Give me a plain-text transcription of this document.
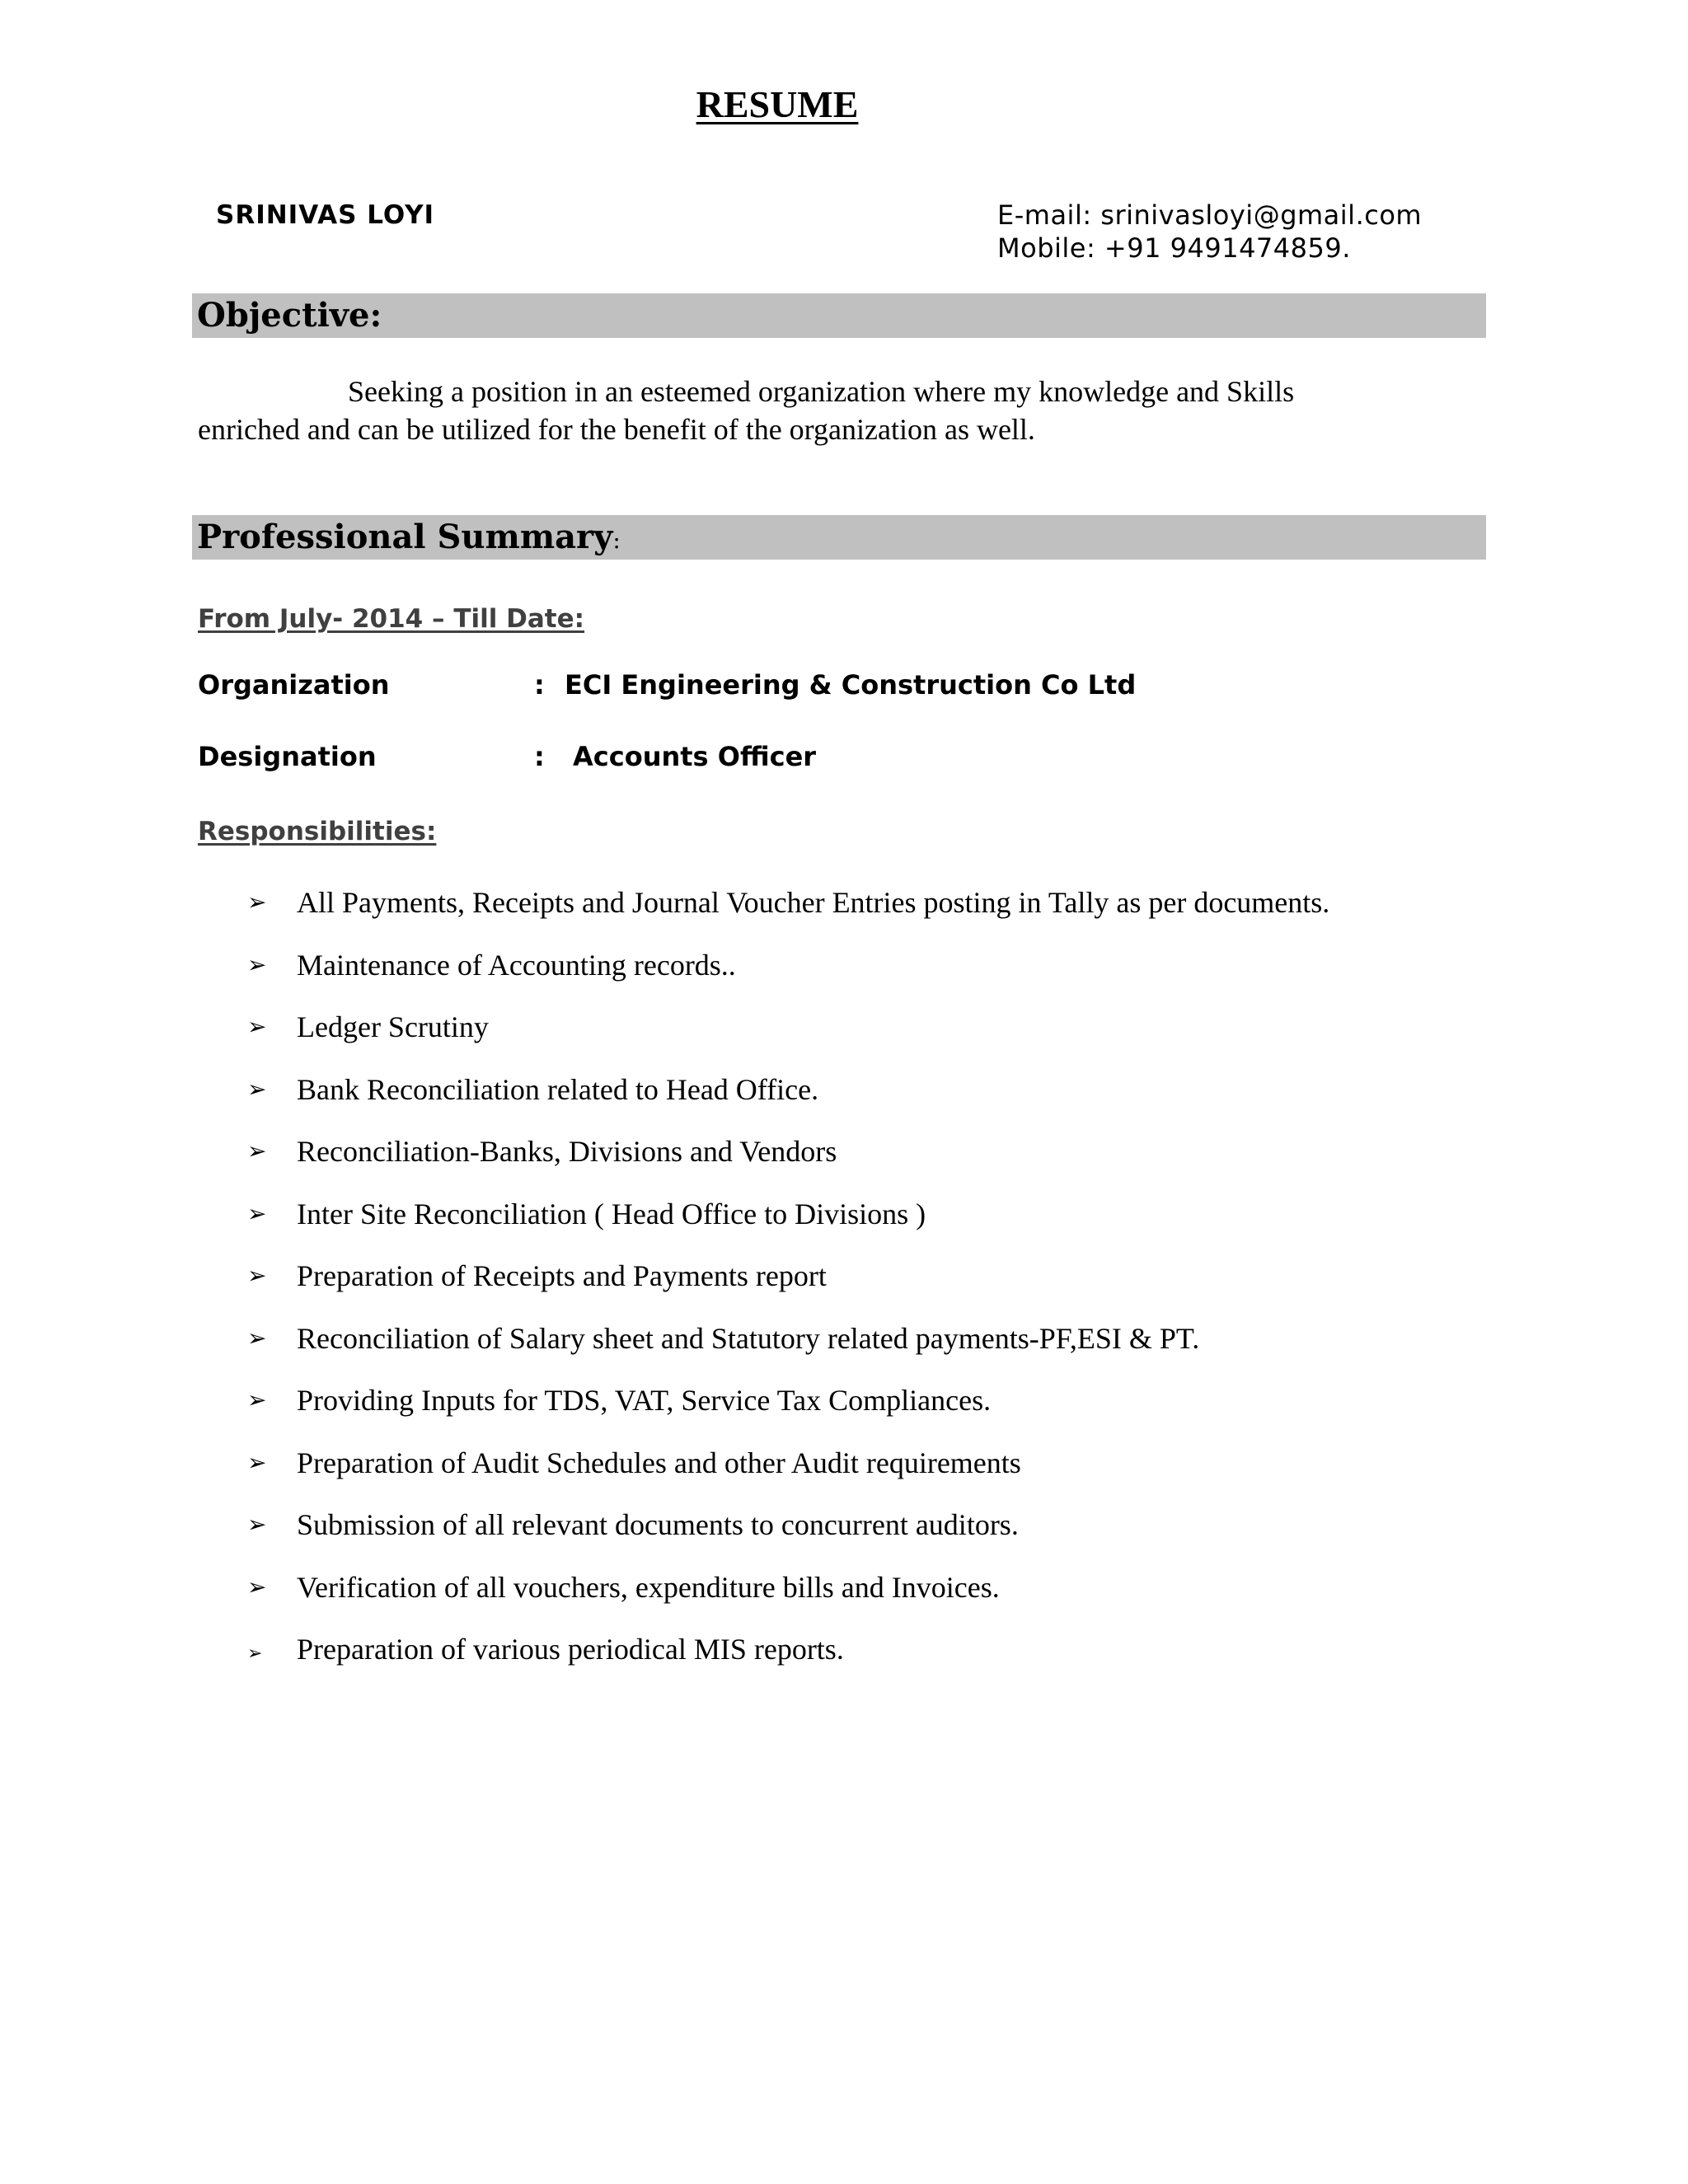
RESUME
SRINIVAS LOYI	E-mail: srinivasloyi@gmail.com
Mobile: +91 9491474859.
Objective:

Seeking a position in an esteemed organization where my knowledge and Skills enriched and can be utilized for the benefit of the organization as well.

Professional Summary:
From July- 2014 – Till Date:
Organization	: ECI Engineering & Construction Co Ltd
Designation	: Accounts Officer
Responsibilities:
➢ All Payments, Receipts and Journal Voucher Entries posting in Tally as per documents.
➢ Maintenance of Accounting records..
➢ Ledger Scrutiny
➢ Bank Reconciliation related to Head Office.
➢ Reconciliation-Banks, Divisions and Vendors
➢ Inter Site Reconciliation ( Head Office to Divisions )
➢ Preparation of Receipts and Payments report
➢ Reconciliation of Salary sheet and Statutory related payments-PF,ESI & PT.
➢ Providing Inputs for TDS, VAT, Service Tax Compliances.
➢ Preparation of Audit Schedules and other Audit requirements
➢ Submission of all relevant documents to concurrent auditors.
➢ Verification of all vouchers, expenditure bills and Invoices.
➢ Preparation of various periodical MIS reports.
